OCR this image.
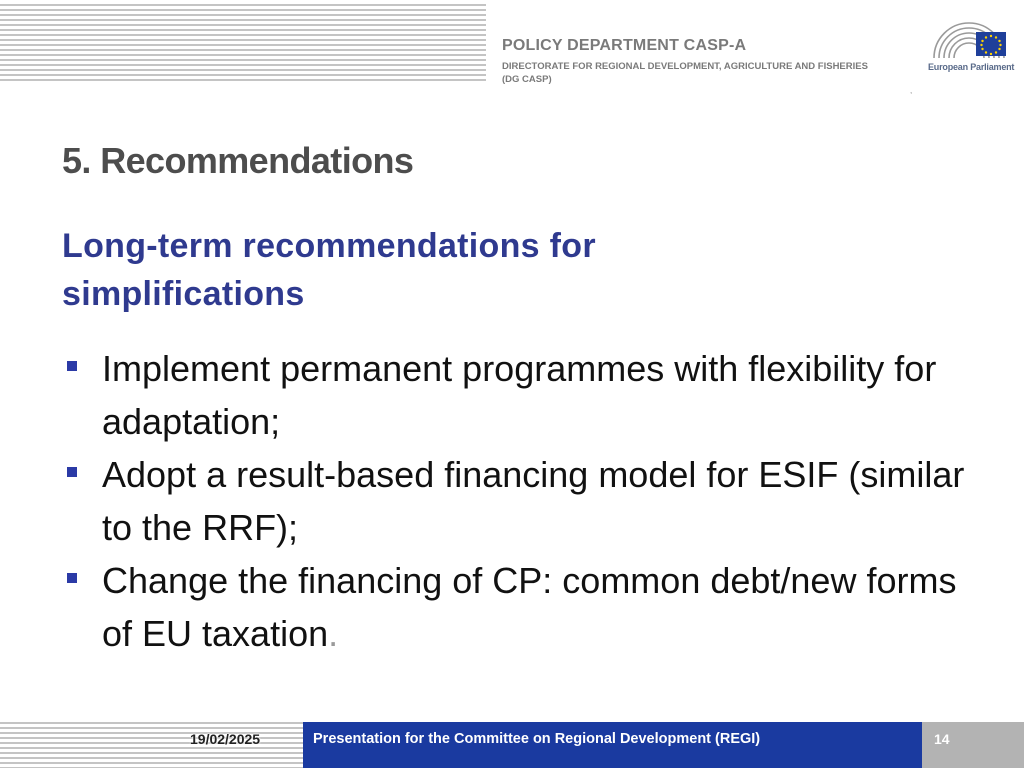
POLICY DEPARTMENT CASP-A
DIRECTORATE FOR REGIONAL DEVELOPMENT, AGRICULTURE AND FISHERIES
(DG CASP)
European Parliament
,
5. Recommendations
Long-term recommendations for simplifications
Implement permanent programmes with flexibility for adaptation;
Adopt a result-based financing model for ESIF (similar to the RRF);
Change the financing of CP: common debt/new forms of EU taxation.
19/02/2025	Presentation for the Committee on Regional Development (REGI)	14
